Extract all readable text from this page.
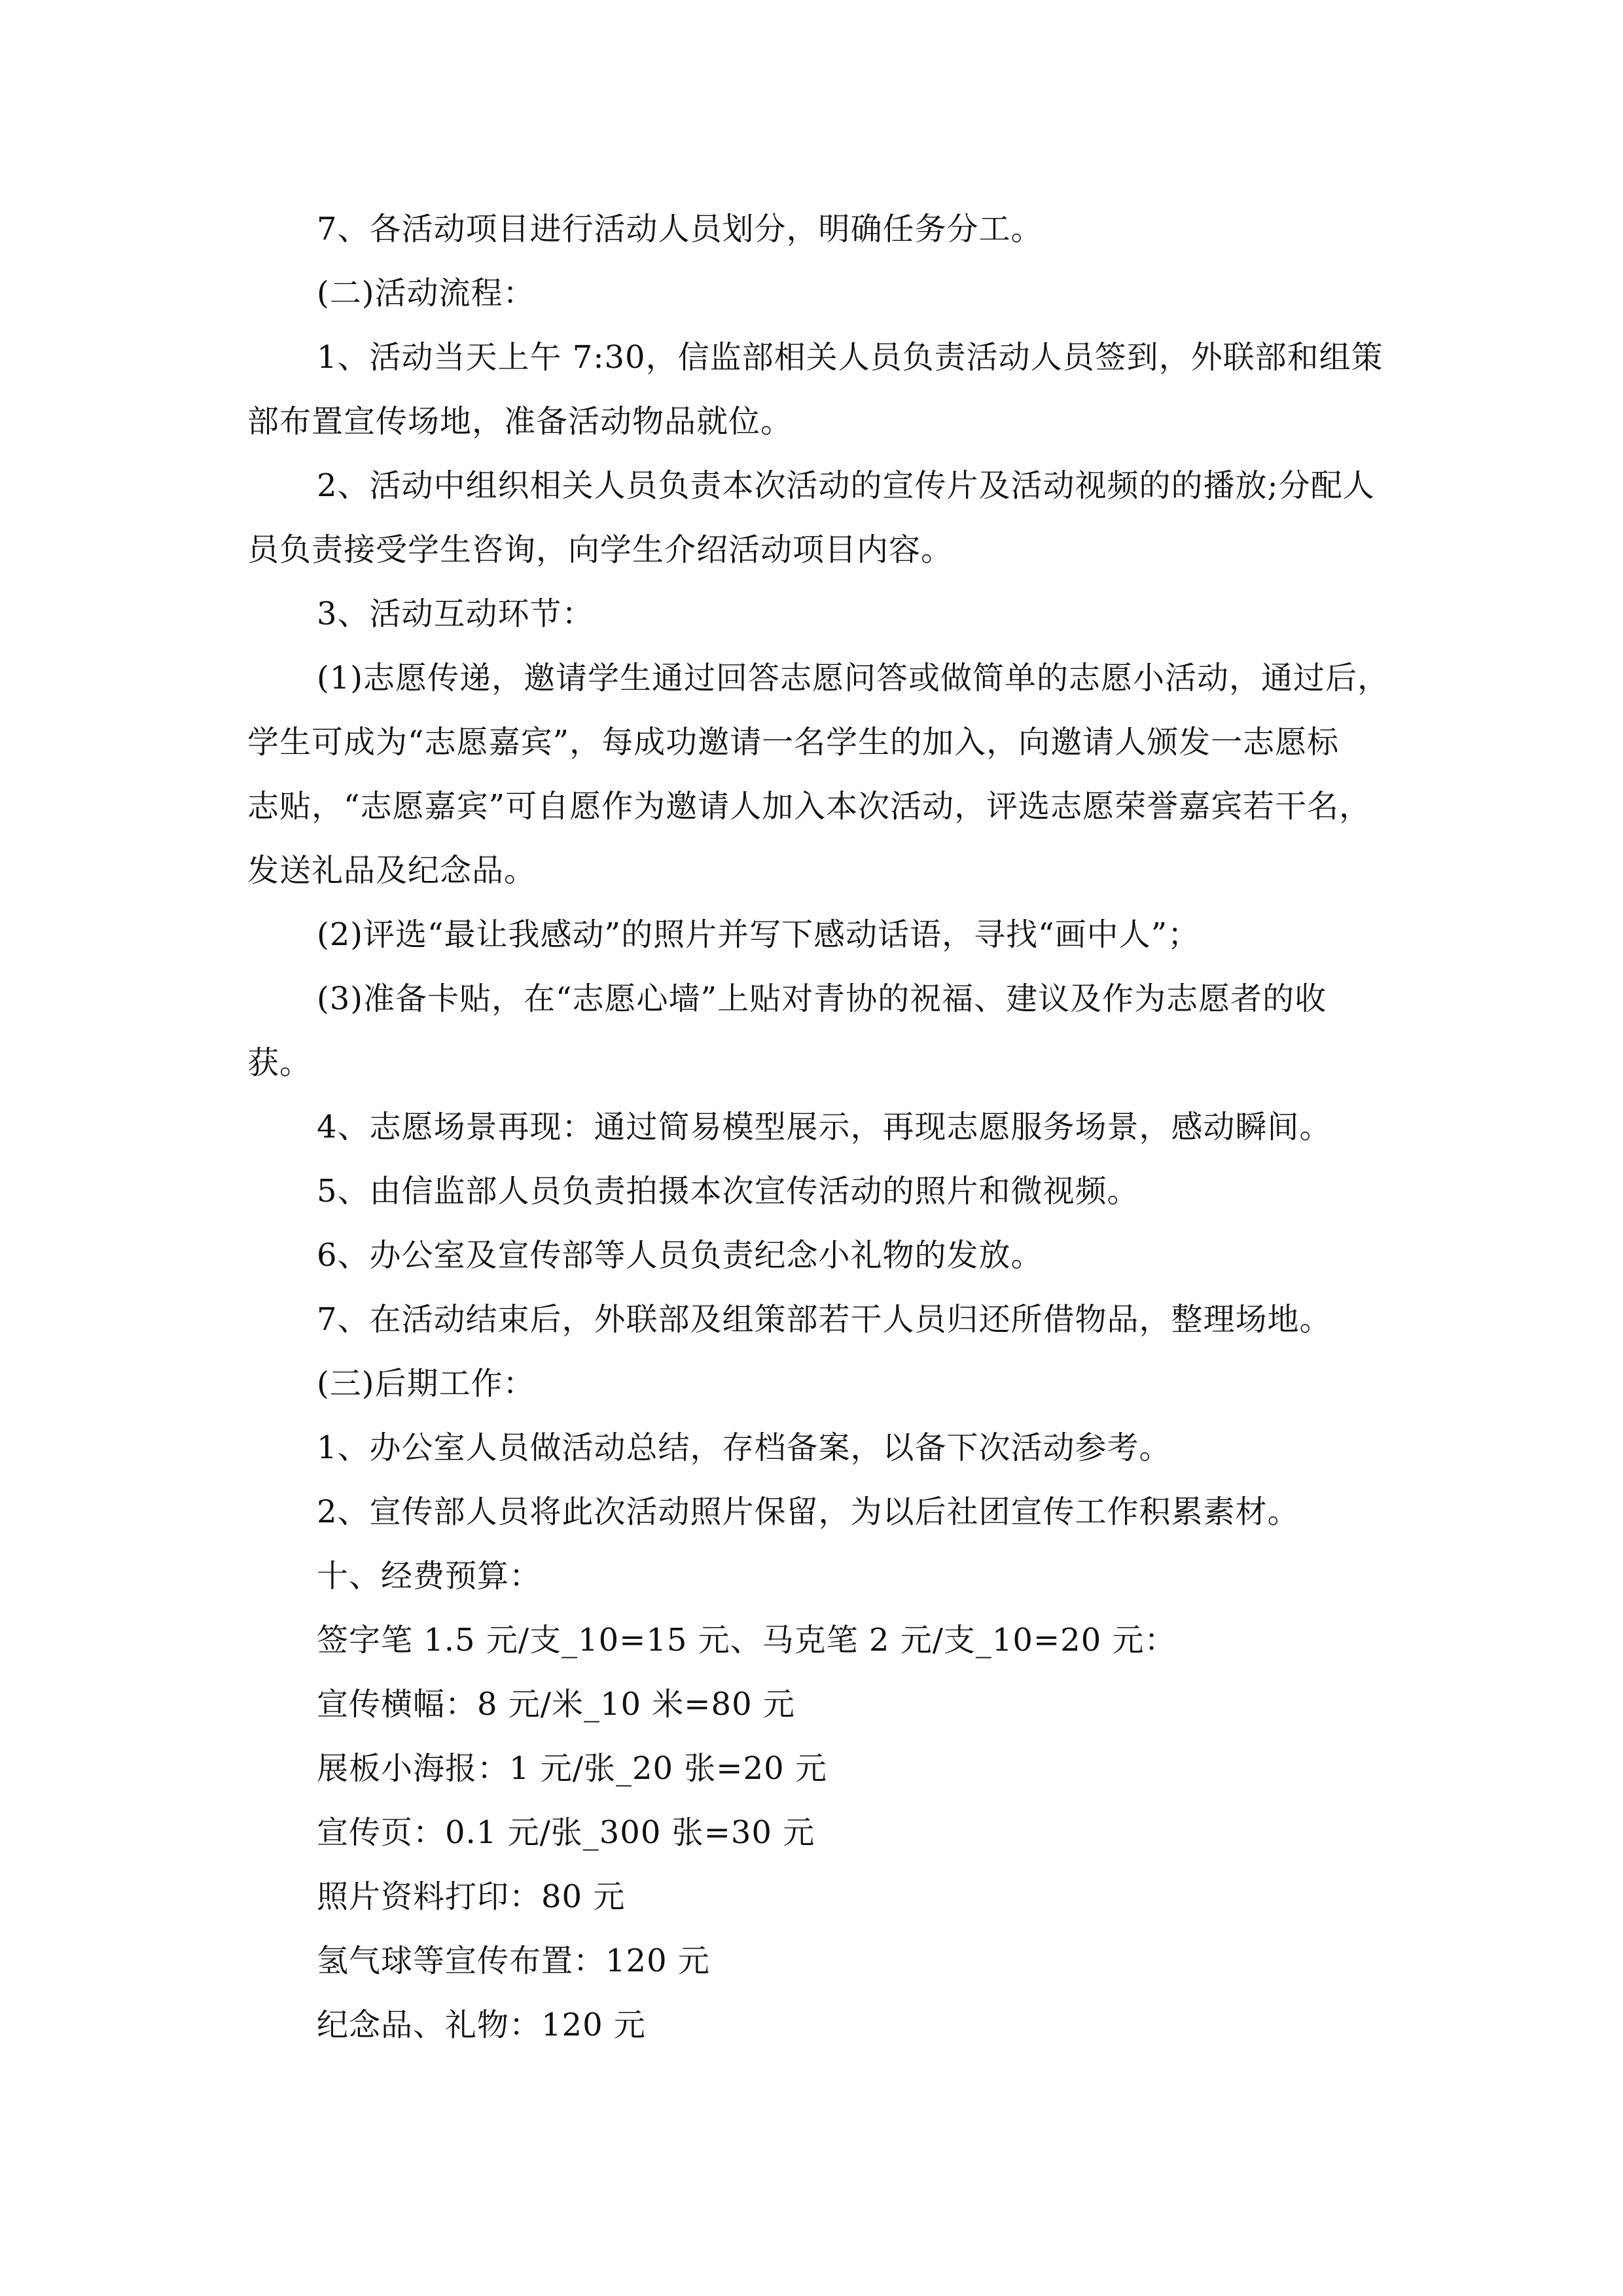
7、各活动项目进行活动人员划分，明确任务分工。
(二)活动流程：
1、活动当天上午 7:30，信监部相关人员负责活动人员签到，外联部和组策
部布置宣传场地，准备活动物品就位。
2、活动中组织相关人员负责本次活动的宣传片及活动视频的的播放;分配人
员负责接受学生咨询，向学生介绍活动项目内容。
3、活动互动环节：
(1)志愿传递，邀请学生通过回答志愿问答或做简单的志愿小活动，通过后，
学生可成为“志愿嘉宾”，每成功邀请一名学生的加入，向邀请人颁发一志愿标
志贴，“志愿嘉宾”可自愿作为邀请人加入本次活动，评选志愿荣誉嘉宾若干名，
发送礼品及纪念品。
(2)评选“最让我感动”的照片并写下感动话语，寻找“画中人”；
(3)准备卡贴，在“志愿心墙”上贴对青协的祝福、建议及作为志愿者的收
获。
4、志愿场景再现：通过简易模型展示，再现志愿服务场景，感动瞬间。
5、由信监部人员负责拍摄本次宣传活动的照片和微视频。
6、办公室及宣传部等人员负责纪念小礼物的发放。
7、在活动结束后，外联部及组策部若干人员归还所借物品，整理场地。
(三)后期工作：
1、办公室人员做活动总结，存档备案，以备下次活动参考。
2、宣传部人员将此次活动照片保留，为以后社团宣传工作积累素材。
十、经费预算：
签字笔 1.5 元/支_10=15 元、马克笔 2 元/支_10=20 元：
宣传横幅：8 元/米_10 米=80 元
展板小海报：1 元/张_20 张=20 元
宣传页：0.1 元/张_300 张=30 元
照片资料打印：80 元
氢气球等宣传布置：120 元
纪念品、礼物：120 元
